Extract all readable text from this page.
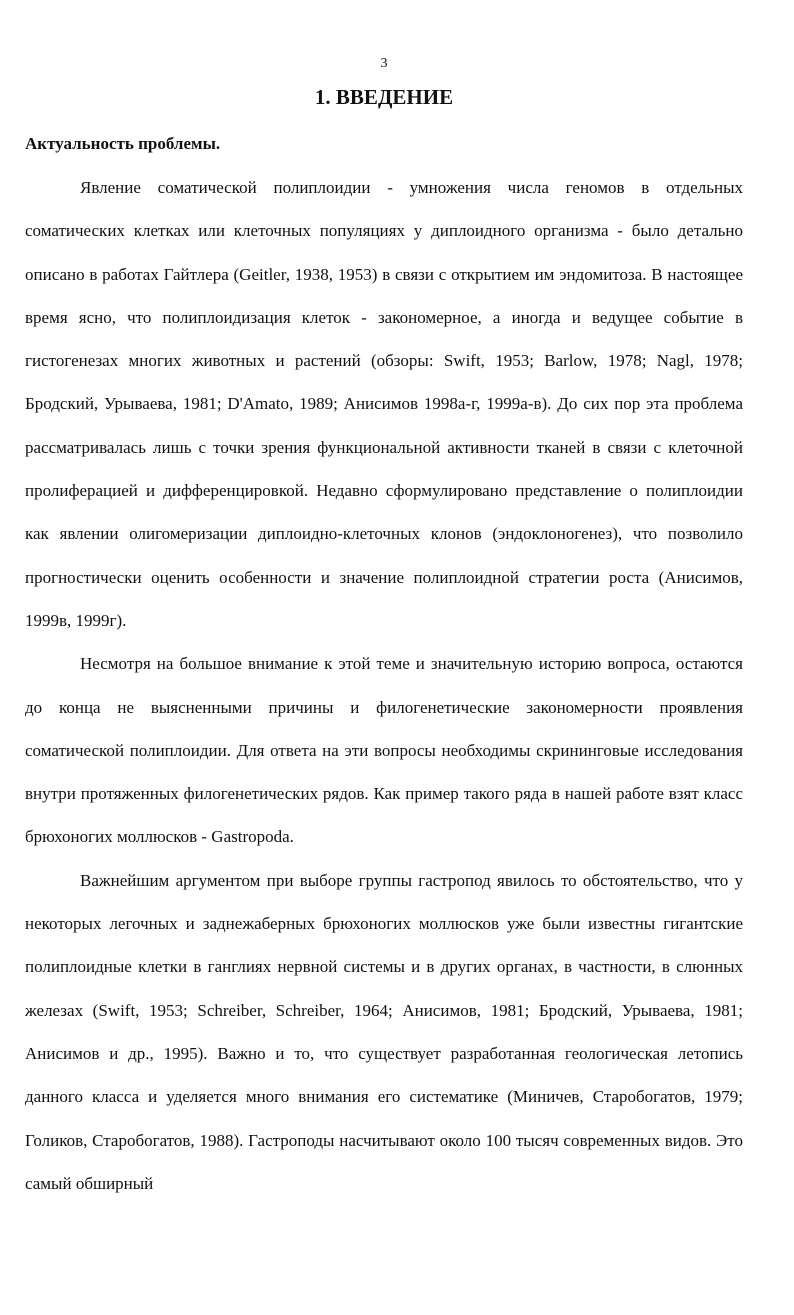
3
1. ВВЕДЕНИЕ
Актуальность проблемы.

Явление соматической полиплоидии - умножения числа геномов в отдельных соматических клетках или клеточных популяциях у диплоидного организма - было детально описано в работах Гайтлера (Geitler, 1938, 1953) в связи с открытием им эндомитоза. В настоящее время ясно, что полиплоидизация клеток - закономерное, а иногда и ведущее событие в гистогенезах многих животных и растений (обзоры: Swift, 1953; Barlow, 1978; Nagl, 1978; Бродский, Урываева, 1981; D'Amato, 1989; Анисимов 1998а-г, 1999а-в). До сих пор эта проблема рассматривалась лишь с точки зрения функциональной активности тканей в связи с клеточной пролиферацией и дифференцировкой. Недавно сформулировано представление о полиплоидии как явлении олигомеризации диплоидно-клеточных клонов (эндоклоногенез), что позволило прогностически оценить особенности и значение полиплоидной стратегии роста (Анисимов, 1999в, 1999г).

Несмотря на большое внимание к этой теме и значительную историю вопроса, остаются до конца не выясненными причины и филогенетические закономерности проявления соматической полиплоидии. Для ответа на эти вопросы необходимы скрининговые исследования внутри протяженных филогенетических рядов. Как пример такого ряда в нашей работе взят класс брюхоногих моллюсков - Gastropoda.

Важнейшим аргументом при выборе группы гастропод явилось то обстоятельство, что у некоторых легочных и заднежаберных брюхоногих моллюсков уже были известны гигантские полиплоидные клетки в ганглиях нервной системы и в других органах, в частности, в слюнных железах (Swift, 1953; Schreiber, Schreiber, 1964; Анисимов, 1981; Бродский, Урываева, 1981; Анисимов и др., 1995). Важно и то, что существует разработанная геологическая летопись данного класса и уделяется много внимания его систематике (Миничев, Старобогатов, 1979; Голиков, Старобогатов, 1988). Гастроподы насчитывают около 100 тысяч современных видов. Это самый обширный
